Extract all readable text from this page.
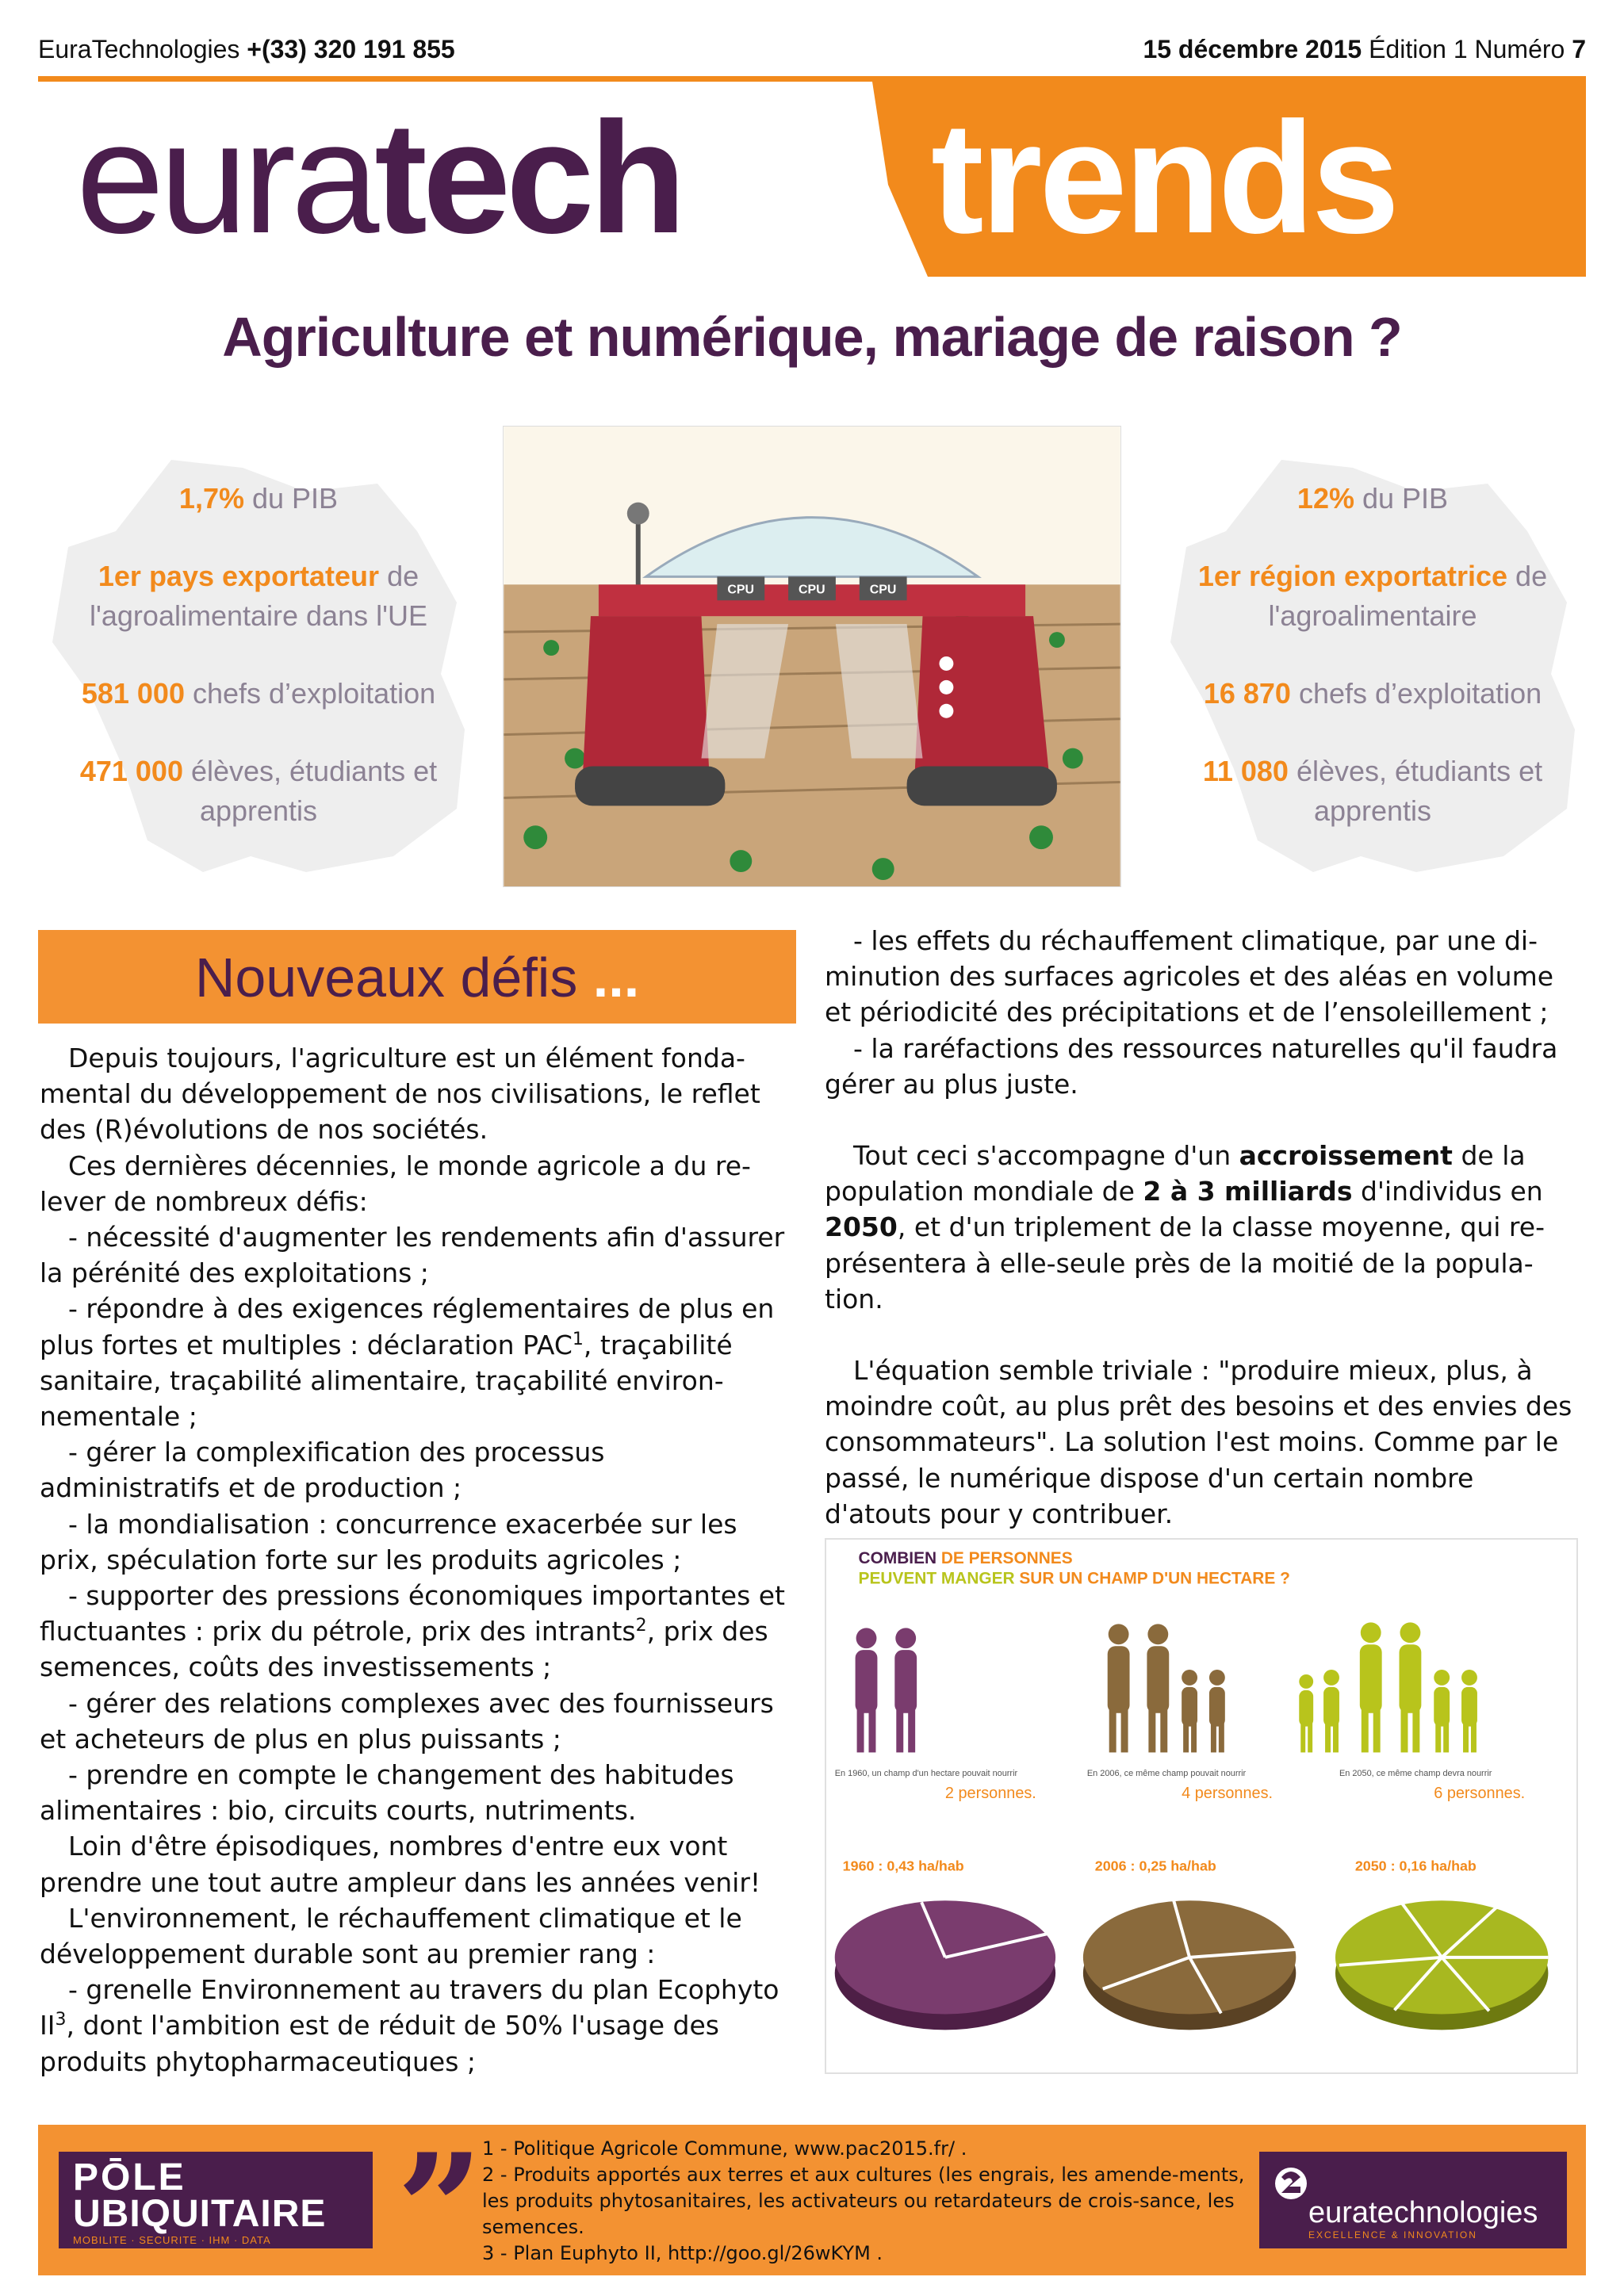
EuraTechnologies +(33) 320 191 855	15 décembre 2015 Édition 1 Numéro 7
euratech trends
Agriculture et numérique, mariage de raison ?

1,7% du PIB

1er pays exportateur de l'agroalimentaire dans l'UE

581 000 chefs d’exploitation

471 000 élèves, étudiants et apprentis

CPU	CPU	CPU

12% du PIB

1er région exportatrice de l'agroalimentaire

16 870 chefs d’exploitation

11 080 élèves, étudiants et apprentis

Nouveaux défis ...

Depuis toujours, l'agriculture est un élément fonda-mental du développement de nos civilisations, le reflet des (R)évolutions de nos sociétés.

Ces dernières décennies, le monde agricole a du re-lever de nombreux défis:

- nécessité d'augmenter les rendements afin d'assurer la pérénité des exploitations ;

- répondre à des exigences réglementaires de plus en plus fortes et multiples : déclaration PAC$^1$, traçabilité sanitaire, traçabilité alimentaire, traçabilité environ-nementale ;

- gérer la complexification des processus administratifs et de production ;

- la mondialisation : concurrence exacerbée sur les prix, spéculation forte sur les produits agricoles ;

- supporter des pressions économiques importantes et fluctuantes : prix du pétrole, prix des intrants$^2$, prix des semences, coûts des investissements ;

- gérer des relations complexes avec des fournisseurs et acheteurs de plus en plus puissants ;

- prendre en compte le changement des habitudes alimentaires : bio, circuits courts, nutriments.

Loin d'être épisodiques, nombres d'entre eux vont prendre une tout autre ampleur dans les années venir!

L'environnement, le réchauffement climatique et le développement durable sont au premier rang :

- grenelle Environnement au travers du plan Ecophyto $II^3$, dont l'ambition est de réduit de 50% l'usage des produits phytopharmaceutiques ;

- les effets du réchauffement climatique, par une di-minution des surfaces agricoles et des aléas en volume et périodicité des précipitations et de l’ensoleillement ;

- la raréfactions des ressources naturelles qu'il faudra gérer au plus juste.

Tout ceci s'accompagne d'un accroissement de la population mondiale de 2 à 3 milliards d'individus en 2050, et d'un triplement de la classe moyenne, qui re-présentera à elle-seule près de la moitié de la popula-tion.

L'équation semble triviale : "produire mieux, plus, à moindre coût, au plus prêt des besoins et des envies des consommateurs". La solution l'est moins. Comme par le passé, le numérique dispose d'un certain nombre d'atouts pour y contribuer.

COMBIEN DE PERSONNES
PEUVENT MANGER SUR UN CHAMP D'UN HECTARE ?
En 1960, un champ d'un hectare pouvait nourrir
2 personnes.
1960 : 0,43 ha/hab
En 2006, ce même champ pouvait nourrir
4 personnes.
2006 : 0,25 ha/hab
En 2050, ce même champ devra nourrir
6 personnes.
2050 : 0,16 ha/hab
PŌLE
UBIQUITAIRE
MOBILITE · SECURITE · IHM · DATA ”
1 - Politique Agricole Commune, www.pac2015.fr/ .
2 - Produits apportés aux terres et aux cultures (les engrais, les amende-ments, les produits phytosanitaires, les activateurs ou retardateurs de crois-sance, les semences.
3 - Plan Euphyto II, http://goo.gl/26wKYM .
euratechnologies
EXCELLENCE & INNOVATION
